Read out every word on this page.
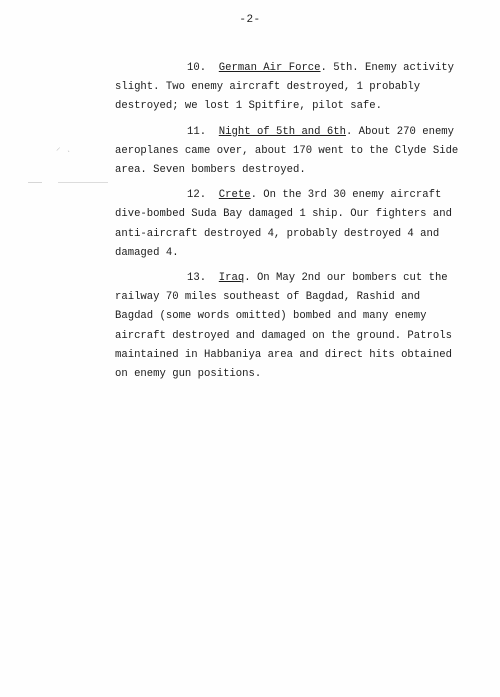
-2-
⸝ ˎ

10. German Air Force. 5th. Enemy activity slight. Two enemy aircraft destroyed, 1 probably destroyed; we lost 1 Spitfire, pilot safe.

11. Night of 5th and 6th. About 270 enemy aeroplanes came over, about 170 went to the Clyde Side area. Seven bombers destroyed.

12. Crete. On the 3rd 30 enemy aircraft dive-bombed Suda Bay damaged 1 ship. Our fighters and anti-aircraft destroyed 4, probably destroyed 4 and damaged 4.

13. Iraq. On May 2nd our bombers cut the railway 70 miles southeast of Bagdad, Rashid and Bagdad (some words omitted) bombed and many enemy aircraft destroyed and damaged on the ground. Patrols maintained in Habbaniya area and direct hits obtained on enemy gun positions.
